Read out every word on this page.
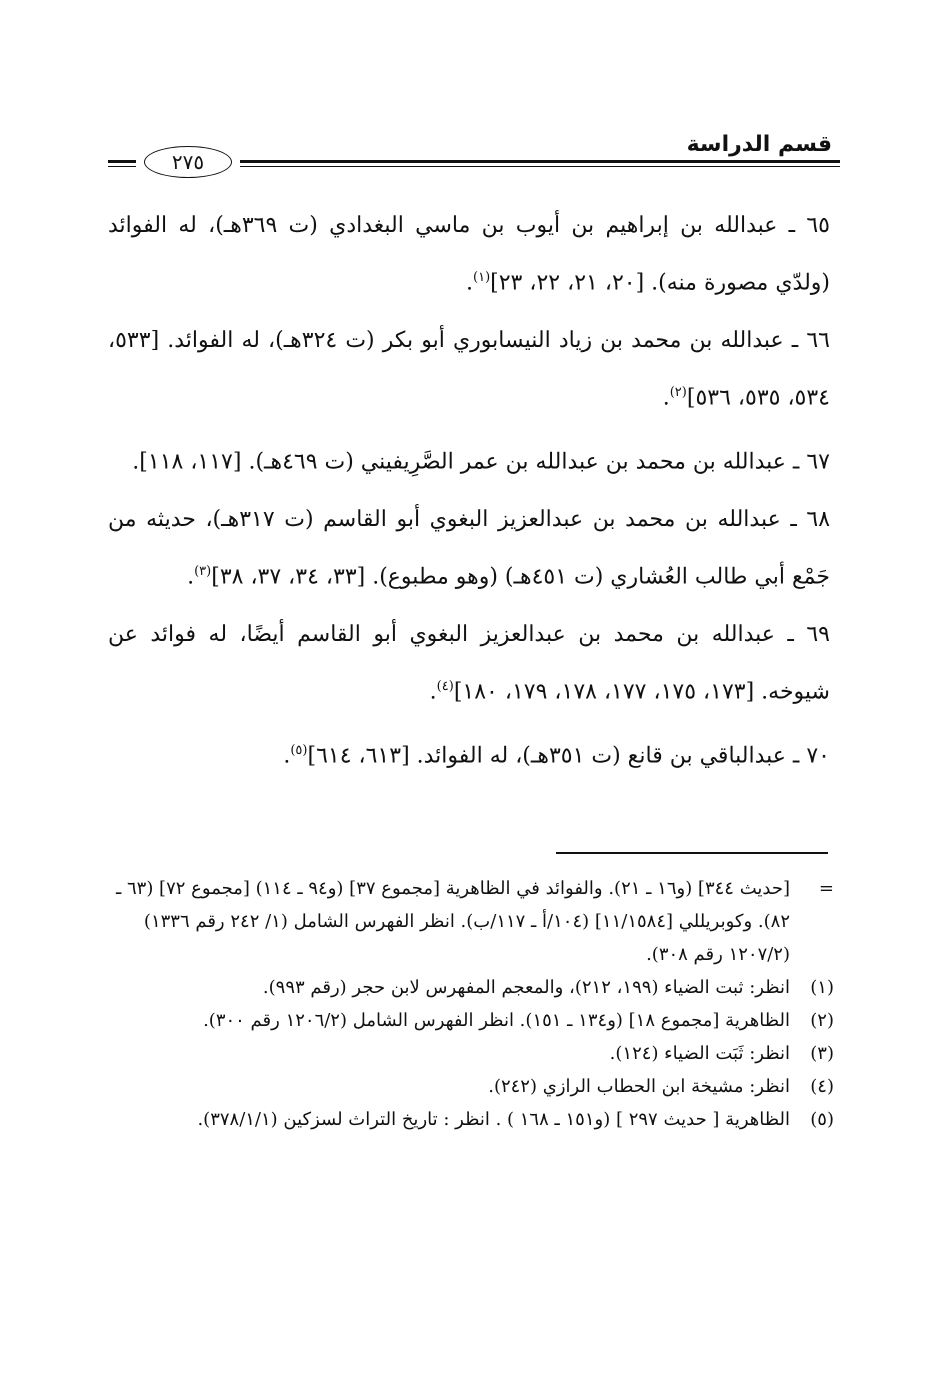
قسم الدراسة
٢٧٥

٦٥ ـ عبدالله بن إبراهيم بن أيوب بن ماسي البغدادي (ت ٣٦٩هـ)، له الفوائد (ولدّي مصورة منه). [٢٠، ٢١، ٢٢، ٢٣]$^{(١)}$.

٦٦ ـ عبدالله بن محمد بن زياد النيسابوري أبو بكر (ت ٣٢٤هـ)، له الفوائد. [٥٣٣، ٥٣٤، ٥٣٥، ٥٣٦]$^{(٢)}$.

٦٧ ـ عبدالله بن محمد بن عبدالله بن عمر الصَّرِيفيني (ت ٤٦٩هـ). [١١٧، ١١٨].

٦٨ ـ عبدالله بن محمد بن عبدالعزيز البغوي أبو القاسم (ت ٣١٧هـ)، حديثه من جَمْع أبي طالب العُشاري (ت ٤٥١هـ) (وهو مطبوع). [٣٣، ٣٤، ٣٧، ٣٨]$^{(٣)}$.

٦٩ ـ عبدالله بن محمد بن عبدالعزيز البغوي أبو القاسم أيضًا، له فوائد عن شيوخه. [١٧٣، ١٧٥، ١٧٧، ١٧٨، ١٧٩، ١٨٠]$^{(٤)}$.

٧٠ ـ عبدالباقي بن قانع (ت ٣٥١هـ)، له الفوائد. [٦١٣، ٦١٤]$^{(٥)}$.

=
[حديث ٣٤٤] (و١٦ ـ ٢١). والفوائد في الظاهرية [مجموع ٣٧] (و٩٤ ـ ١١٤) [مجموع ٧٢] (٦٣ ـ ٨٢). وكوبريللي [١١/١٥٨٤] (١٠٤/أ ـ ١١٧/ب). انظر الفهرس الشامل (١/ ٢٤٢ رقم ١٣٣٦) (١٢٠٧/٢ رقم ٣٠٨).

(١)
انظر: ثبت الضياء (١٩٩، ٢١٢)، والمعجم المفهرس لابن حجر (رقم ٩٩٣).

(٢)
الظاهرية [مجموع ١٨] (و١٣٤ ـ ١٥١). انظر الفهرس الشامل (١٢٠٦/٢ رقم ٣٠٠).

(٣)
انظر: ثَبَت الضياء (١٢٤).

(٤)
انظر: مشيخة ابن الحطاب الرازي (٢٤٢).

(٥)
الظاهرية [ حديث ٢٩٧ ] (و١٥١ ـ ١٦٨ ) . انظر : تاريخ التراث لسزكين (٣٧٨/١/١).
